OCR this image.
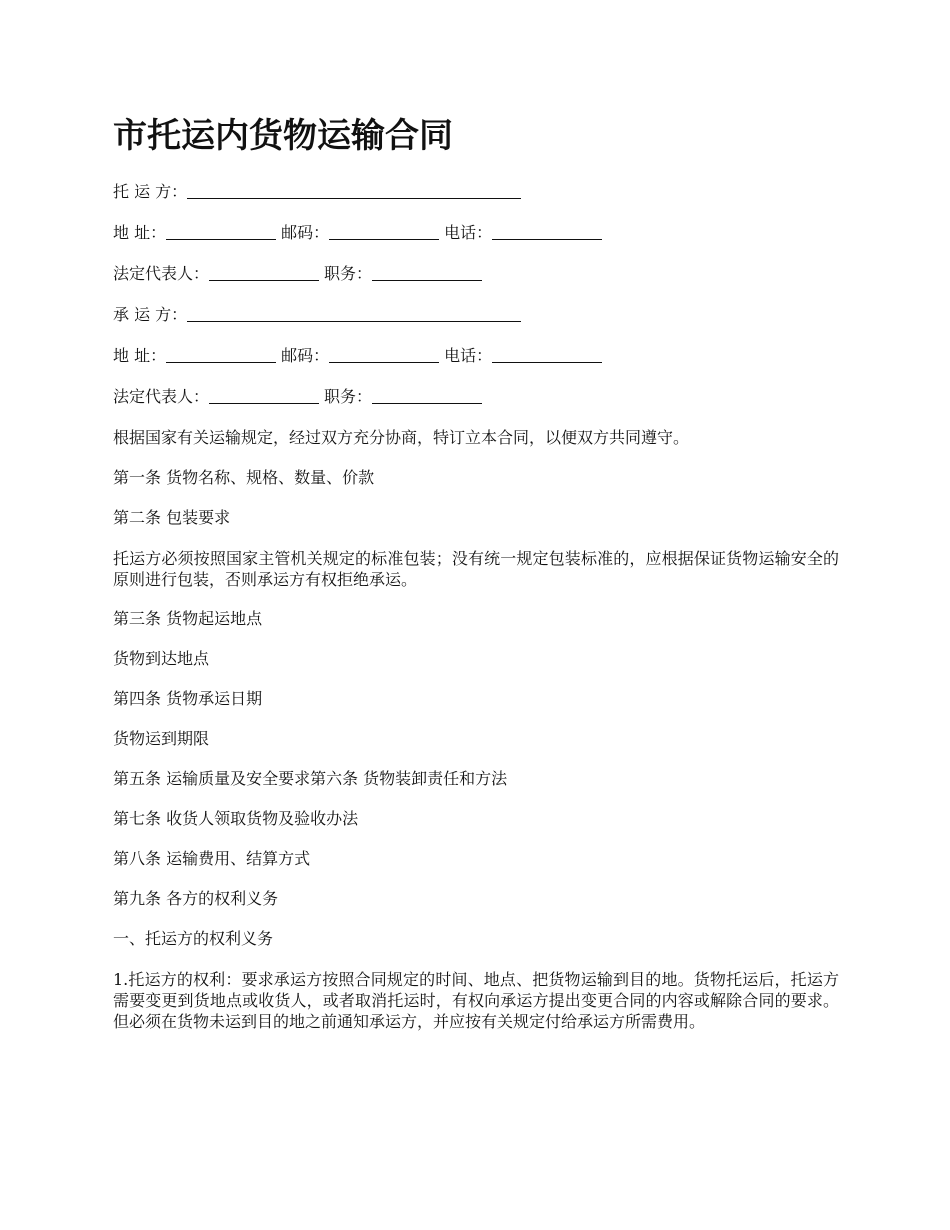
市托运内货物运输合同

托 运 方：

地 址：	邮码：	电话：

法定代表人：	职务：

承 运 方：

地 址：	邮码：	电话：

法定代表人：	职务：

根据国家有关运输规定，经过双方充分协商，特订立本合同，以便双方共同遵守。

第一条 货物名称、规格、数量、价款

第二条 包装要求

托运方必须按照国家主管机关规定的标准包装；没有统一规定包装标准的，应根据保证货物运输安全的原则进行包装，否则承运方有权拒绝承运。

第三条 货物起运地点

货物到达地点

第四条 货物承运日期

货物运到期限

第五条 运输质量及安全要求第六条 货物装卸责任和方法

第七条 收货人领取货物及验收办法

第八条 运输费用、结算方式

第九条 各方的权利义务

一、托运方的权利义务

1.托运方的权利：要求承运方按照合同规定的时间、地点、把货物运输到目的地。货物托运后，托运方需要变更到货地点或收货人，或者取消托运时，有权向承运方提出变更合同的内容或解除合同的要求。但必须在货物未运到目的地之前通知承运方，并应按有关规定付给承运方所需费用。
